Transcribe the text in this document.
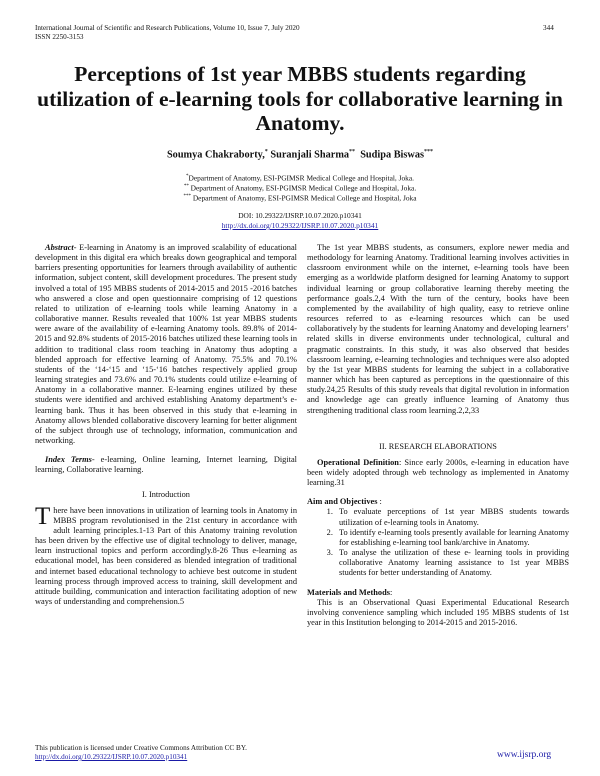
International Journal of Scientific and Research Publications, Volume 10, Issue 7, July 2020	344
ISSN 2250-3153
Perceptions of 1st year MBBS students regarding utilization of e-learning tools for collaborative learning in Anatomy.
Soumya Chakraborty,* Suranjali Sharma** Sudipa Biswas***
*Department of Anatomy, ESI-PGIMSR Medical College and Hospital, Joka.
** Department of Anatomy, ESI-PGIMSR Medical College and Hospital, Joka.
*** Department of Anatomy, ESI-PGIMSR Medical College and Hospital, Joka
DOI: 10.29322/IJSRP.10.07.2020.p10341
http://dx.doi.org/10.29322/IJSRP.10.07.2020.p10341

Abstract- E-learning in Anatomy is an improved scalability of educational development in this digital era which breaks down geographical and temporal barriers presenting opportunities for learners through availability of authentic information, subject content, skill development procedures. The present study involved a total of 195 MBBS students of 2014-2015 and 2015 -2016 batches who answered a close and open questionnaire comprising of 12 questions related to utilization of e-learning tools while learning Anatomy in a collaborative manner. Results revealed that 100% 1st year MBBS students were aware of the availability of e-learning Anatomy tools. 89.8% of 2014-2015 and 92.8% students of 2015-2016 batches utilized these learning tools in addition to traditional class room teaching in Anatomy thus adopting a blended approach for effective learning of Anatomy. 75.5% and 70.1% students of the ‘14-‘15 and ‘15-‘16 batches respectively applied group learning strategies and 73.6% and 70.1% students could utilize e-learning of Anatomy in a collaborative manner. E-learning engines utilized by these students were identified and archived establishing Anatomy department’s e-learning bank. Thus it has been observed in this study that e-learning in Anatomy allows blended collaborative discovery learning for better alignment of the subject through use of technology, information, communication and networking.

Index Terms- e-learning, Online learning, Internet learning, Digital learning, Collaborative learning.

I. Introduction

There have been innovations in utilization of learning tools in Anatomy in MBBS program revolutionised in the 21st century in accordance with adult learning principles.1-13 Part of this Anatomy training revolution has been driven by the effective use of digital technology to deliver, manage, learn instructional topics and perform accordingly.8-26 Thus e-learning as educational model, has been considered as blended integration of traditional and internet based educational technology to achieve best outcome in student learning process through improved access to training, skill development and attitude building, communication and interaction facilitating adoption of new ways of understanding and comprehension.5

The 1st year MBBS students, as consumers, explore newer media and methodology for learning Anatomy. Traditional learning involves activities in classroom environment while on the internet, e-learning tools have been emerging as a worldwide platform designed for learning Anatomy to support individual learning or group collaborative learning thereby meeting the performance goals.2,4 With the turn of the century, books have been complemented by the availability of high quality, easy to retrieve online resources referred to as e-learning resources which can be used collaboratively by the students for learning Anatomy and developing learners’ related skills in diverse environments under technological, cultural and pragmatic constraints. In this study, it was also observed that besides classroom learning, e-learning technologies and techniques were also adopted by the 1st year MBBS students for learning the subject in a collaborative manner which has been captured as perceptions in the questionnaire of this study.24,25 Results of this study reveals that digital revolution in information and knowledge age can greatly influence learning of Anatomy thus strengthening traditional class room learning.2,2,33

II. RESEARCH ELABORATIONS

Operational Definition: Since early 2000s, e-learning in education have been widely adopted through web technology as implemented in Anatomy learning.31

Aim and Objectives :

1. To evaluate perceptions of 1st year MBBS students towards utilization of e-learning tools in Anatomy.
2. To identify e-learning tools presently available for learning Anatomy for establishing e-learning tool bank/archive in Anatomy.
3. To analyse the utilization of these e- learning tools in providing collaborative Anatomy learning assistance to 1st year MBBS students for better understanding of Anatomy.

Materials and Methods:

This is an Observational Quasi Experimental Educational Research involving convenience sampling which included 195 MBBS students of 1st year in this Institution belonging to 2014-2015 and 2015-2016.

This publication is licensed under Creative Commons Attribution CC BY.
http://dx.doi.org/10.29322/IJSRP.10.07.2020.p10341	www.ijsrp.org
